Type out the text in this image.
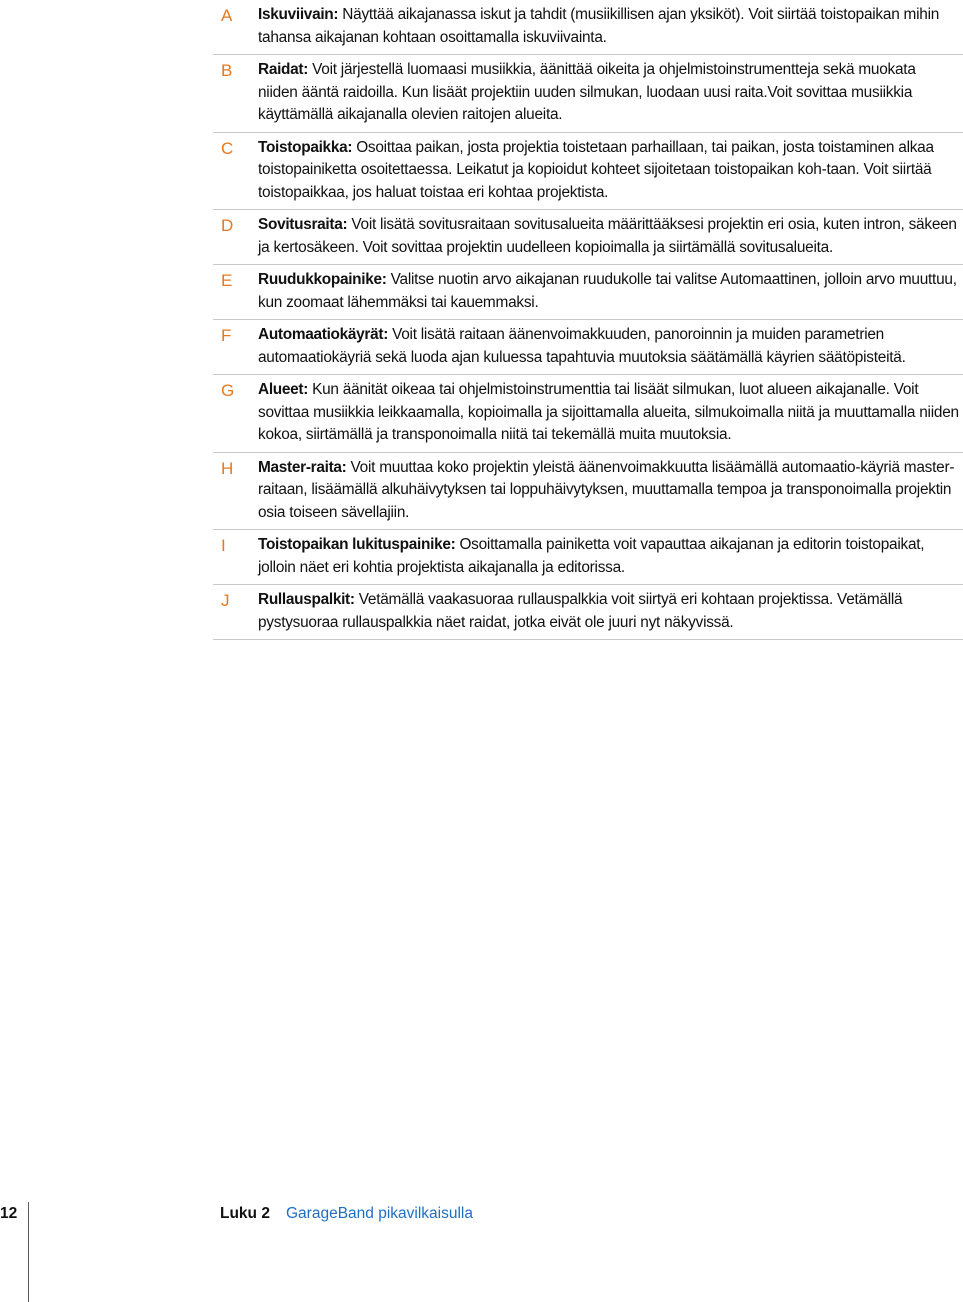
A	Iskuviivain: Näyttää aikajanassa iskut ja tahdit (musiikillisen ajan yksiköt). Voit siirtää toistopaikan mihin tahansa aikajanan kohtaan osoittamalla iskuviivainta.
B	Raidat: Voit järjestellä luomaasi musiikkia, äänittää oikeita ja ohjelmistoinstrumentteja sekä muokata niiden ääntä raidoilla. Kun lisäät projektiin uuden silmukan, luodaan uusi raita.Voit sovittaa musiikkia käyttämällä aikajanalla olevien raitojen alueita.
C	Toistopaikka: Osoittaa paikan, josta projektia toistetaan parhaillaan, tai paikan, josta toistaminen alkaa toistopainiketta osoitettaessa. Leikatut ja kopioidut kohteet sijoitetaan toistopaikan koh-taan. Voit siirtää toistopaikkaa, jos haluat toistaa eri kohtaa projektista.
D	Sovitusraita: Voit lisätä sovitusraitaan sovitusalueita määrittääksesi projektin eri osia, kuten intron, säkeen ja kertosäkeen. Voit sovittaa projektin uudelleen kopioimalla ja siirtämällä sovitusalueita.
E	Ruudukkopainike: Valitse nuotin arvo aikajanan ruudukolle tai valitse Automaattinen, jolloin arvo muuttuu, kun zoomaat lähemmäksi tai kauemmaksi.
F	Automaatiokäyrät: Voit lisätä raitaan äänenvoimakkuuden, panoroinnin ja muiden parametrien automaatiokäyriä sekä luoda ajan kuluessa tapahtuvia muutoksia säätämällä käyrien säätöpisteitä.
G	Alueet: Kun äänität oikeaa tai ohjelmistoinstrumenttia tai lisäät silmukan, luot alueen aikajanalle. Voit sovittaa musiikkia leikkaamalla, kopioimalla ja sijoittamalla alueita, silmukoimalla niitä ja muuttamalla niiden kokoa, siirtämällä ja transponoimalla niitä tai tekemällä muita muutoksia.
H	Master-raita: Voit muuttaa koko projektin yleistä äänenvoimakkuutta lisäämällä automaatio-käyriä master-raitaan, lisäämällä alkuhäivytyksen tai loppuhäivytyksen, muuttamalla tempoa ja transponoimalla projektin osia toiseen sävellajiin.
I	Toistopaikan lukituspainike: Osoittamalla painiketta voit vapauttaa aikajanan ja editorin toistopaikat, jolloin näet eri kohtia projektista aikajanalla ja editorissa.
J	Rullauspalkit: Vetämällä vaakasuoraa rullauspalkkia voit siirtyä eri kohtaan projektissa. Vetämällä pystysuoraa rullauspalkkia näet raidat, jotka eivät ole juuri nyt näkyvissä.
12	Luku 2 GarageBand pikavilkaisulla
